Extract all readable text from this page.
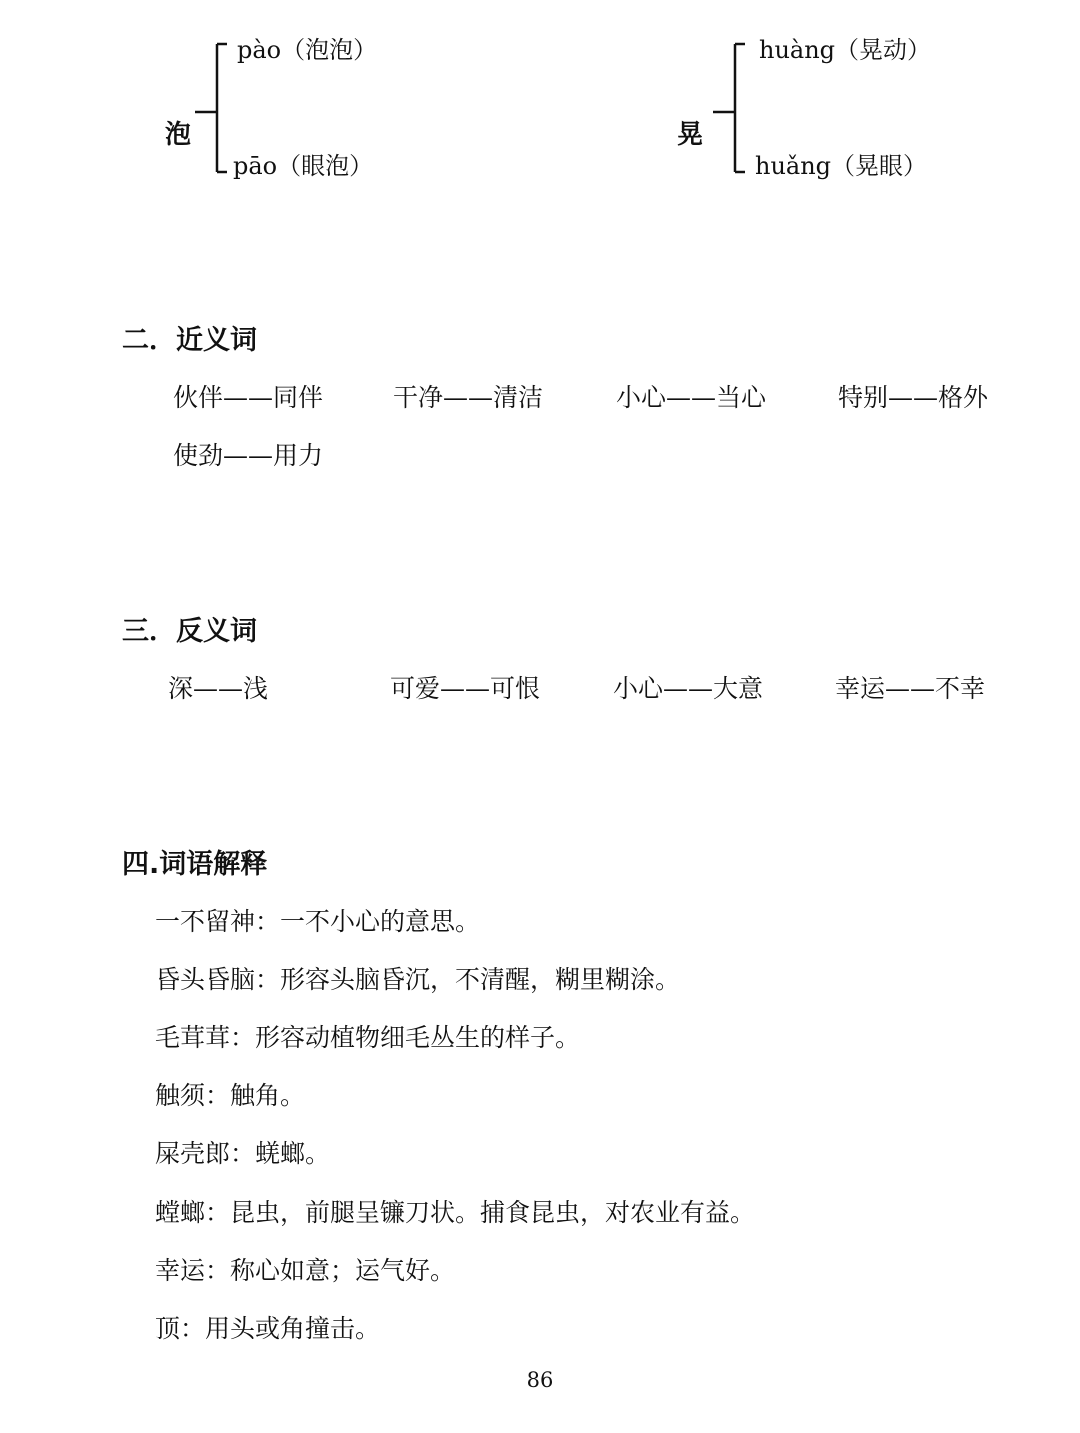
泡
pào（泡泡）
pāo（眼泡）
晃
huàng（晃动）
huǎng（晃眼）
二．近义词
伙伴——同伴	干净——清洁	小心——当心	特别——格外
使劲——用力
三．反义词
深——浅	可爱——可恨	小心——大意	幸运——不幸
四.词语解释
一不留神：一不小心的意思。
昏头昏脑：形容头脑昏沉，不清醒，糊里糊涂。
毛茸茸：形容动植物细毛丛生的样子。
触须：触角。
屎壳郎：蜣螂。
螳螂：昆虫，前腿呈镰刀状。捕食昆虫，对农业有益。
幸运：称心如意；运气好。
顶：用头或角撞击。
86
